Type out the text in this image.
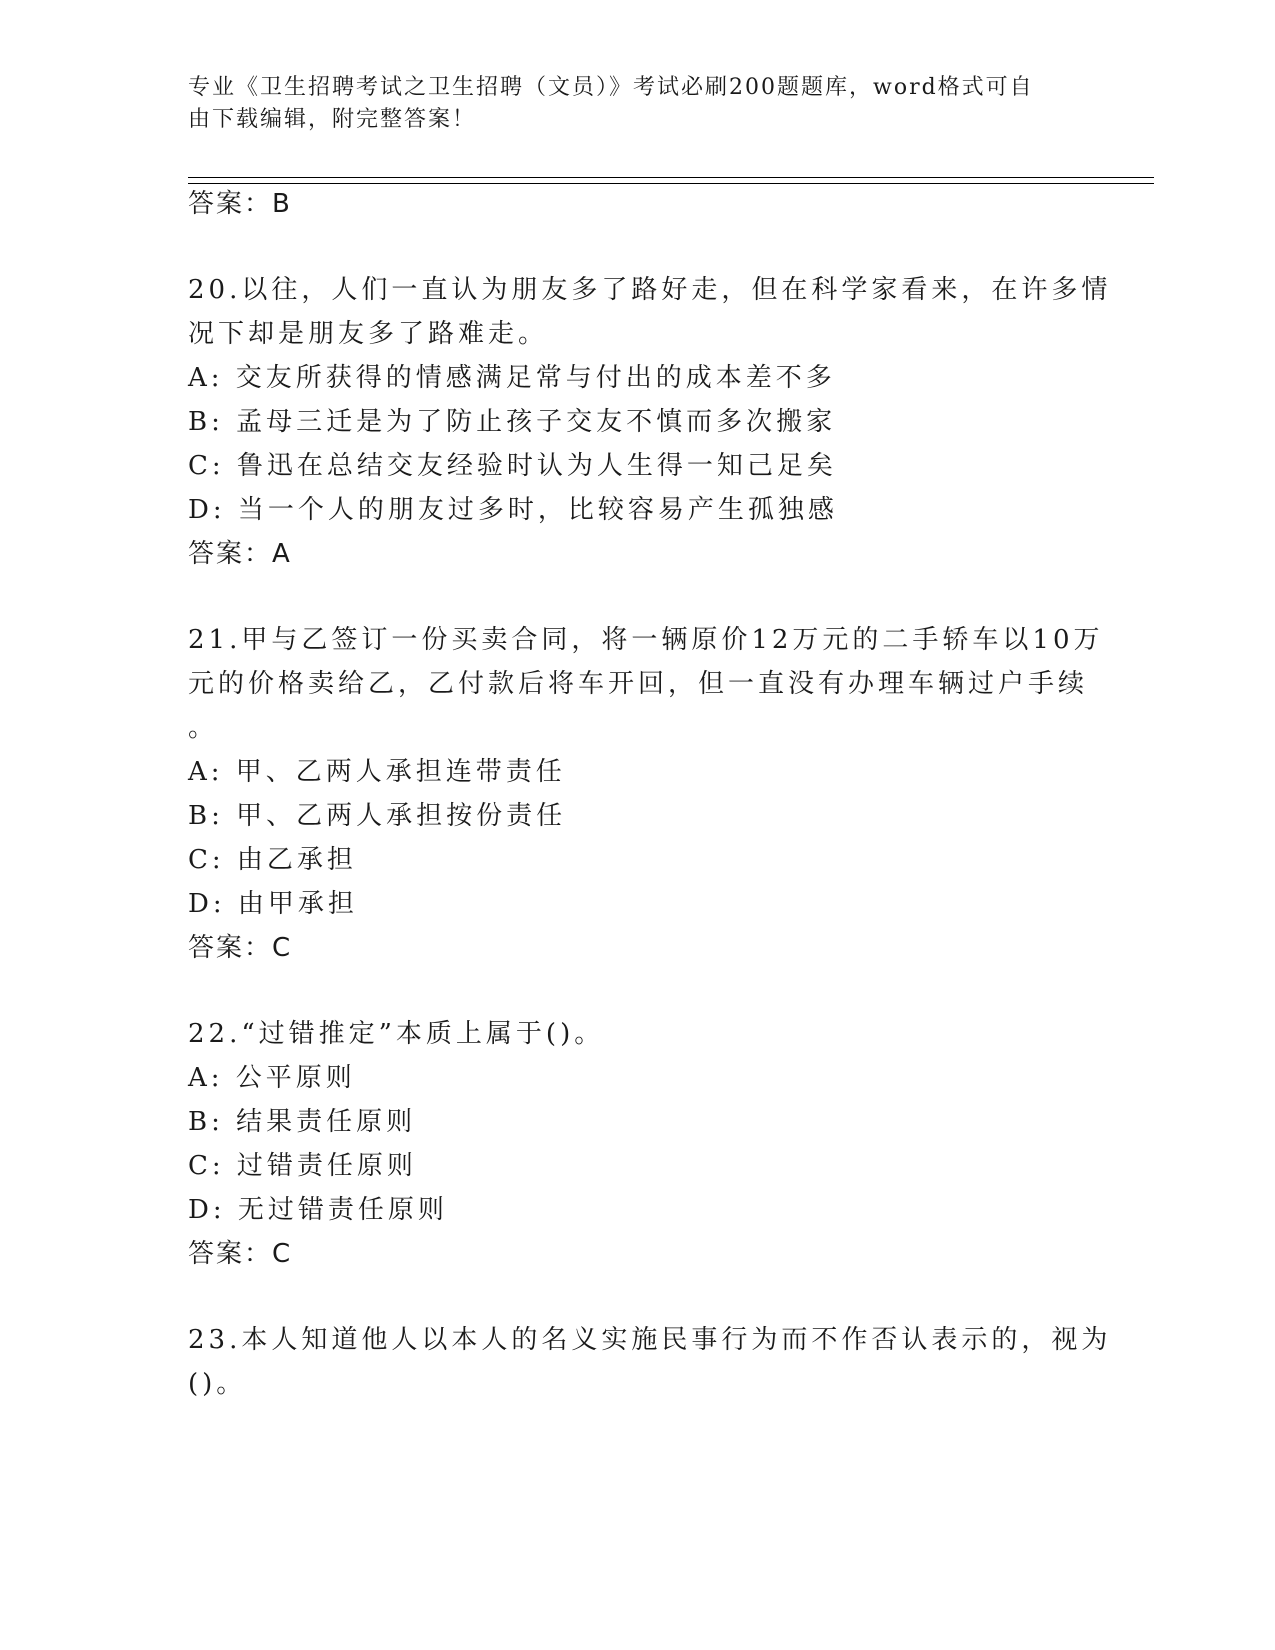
专业《卫生招聘考试之卫生招聘（文员）》考试必刷200题题库，word格式可自
由下载编辑，附完整答案！
答案：B
20.以往，人们一直认为朋友多了路好走，但在科学家看来，在许多情
况下却是朋友多了路难走。
A: 交友所获得的情感满足常与付出的成本差不多
B: 孟母三迁是为了防止孩子交友不慎而多次搬家
C: 鲁迅在总结交友经验时认为人生得一知己足矣
D: 当一个人的朋友过多时，比较容易产生孤独感
答案：A
21.甲与乙签订一份买卖合同，将一辆原价12万元的二手轿车以10万
元的价格卖给乙，乙付款后将车开回，但一直没有办理车辆过户手续
。
A: 甲、乙两人承担连带责任
B: 甲、乙两人承担按份责任
C: 由乙承担
D: 由甲承担
答案：C
22.“过错推定”本质上属于()。
A: 公平原则
B: 结果责任原则
C: 过错责任原则
D: 无过错责任原则
答案：C
23.本人知道他人以本人的名义实施民事行为而不作否认表示的，视为
()。
